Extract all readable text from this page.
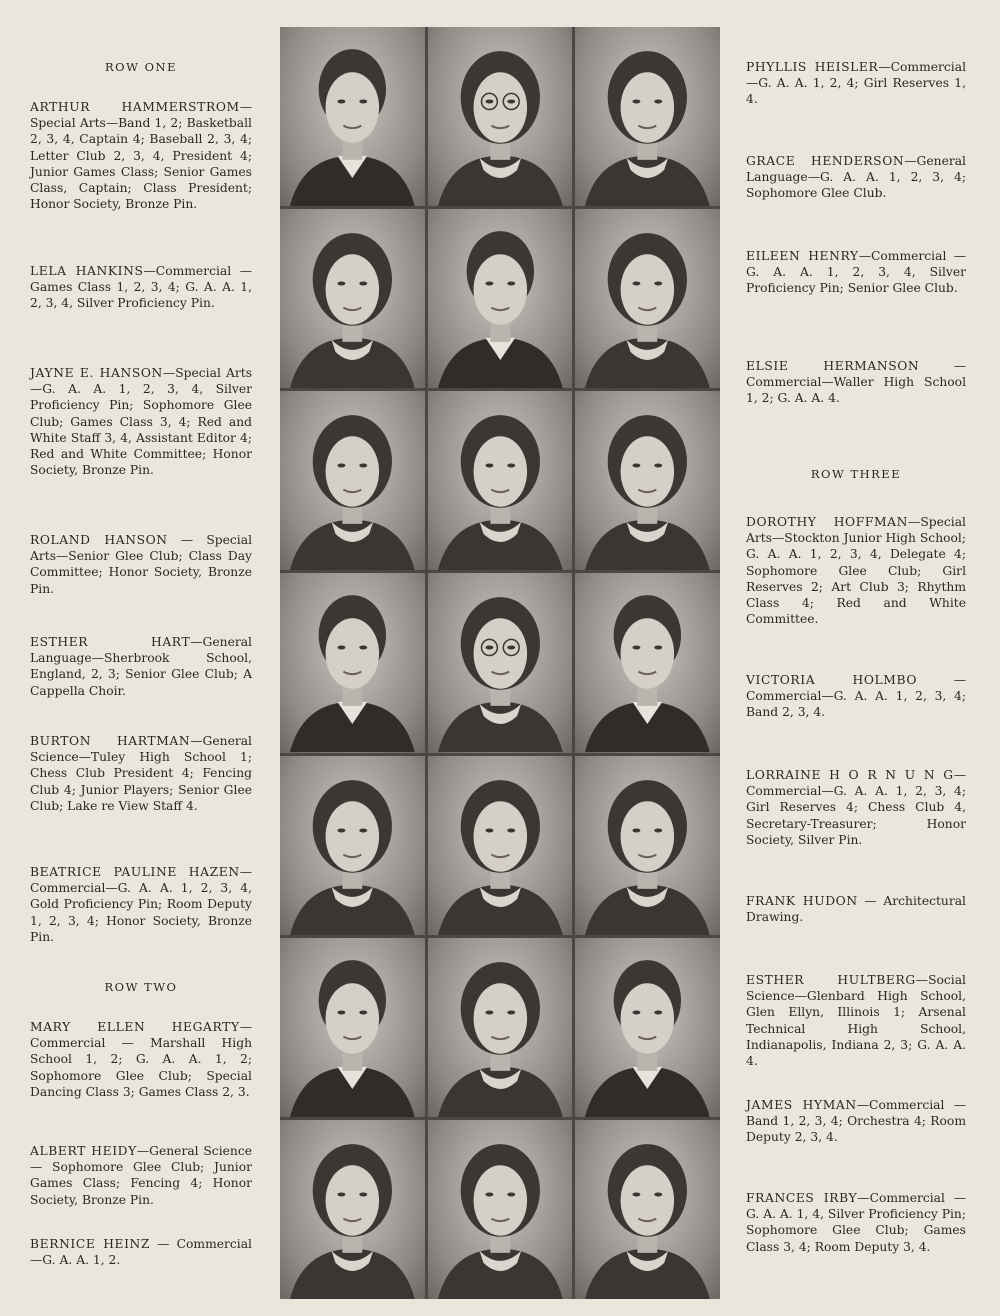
ROW ONE
ARTHUR HAMMERSTROM—Special Arts—Band 1, 2; Basketball 2, 3, 4, Captain 4; Baseball 2, 3, 4; Letter Club 2, 3, 4, President 4; Junior Games Class; Senior Games Class, Captain; Class President; Honor Society, Bronze Pin.
LELA HANKINS—Commercial —Games Class 1, 2, 3, 4; G. A. A. 1, 2, 3, 4, Silver Proficiency Pin.
JAYNE E. HANSON—Special Arts—G. A. A. 1, 2, 3, 4, Silver Proficiency Pin; Sophomore Glee Club; Games Class 3, 4; Red and White Staff 3, 4, Assistant Editor 4; Red and White Committee; Honor Society, Bronze Pin.
ROLAND HANSON — Special Arts—Senior Glee Club; Class Day Committee; Honor Society, Bronze Pin.
ESTHER HART—General Language—Sherbrook School, England, 2, 3; Senior Glee Club; A Cappella Choir.
BURTON HARTMAN—General Science—Tuley High School 1; Chess Club President 4; Fencing Club 4; Junior Players; Senior Glee Club; Lake re View Staff 4.
BEATRICE PAULINE HAZEN—Commercial—G. A. A. 1, 2, 3, 4, Gold Proficiency Pin; Room Deputy 1, 2, 3, 4; Honor Society, Bronze Pin.
ROW TWO
MARY ELLEN HEGARTY— Commercial — Marshall High School 1, 2; G. A. A. 1, 2; Sophomore Glee Club; Special Dancing Class 3; Games Class 2, 3.
ALBERT HEIDY—General Science — Sophomore Glee Club; Junior Games Class; Fencing 4; Honor Society, Bronze Pin.
BERNICE HEINZ — Commercial—G. A. A. 1, 2.
PHYLLIS HEISLER—Commercial—G. A. A. 1, 2, 4; Girl Reserves 1, 4.
GRACE HENDERSON—General Language—G. A. A. 1, 2, 3, 4; Sophomore Glee Club.
EILEEN HENRY—Commercial —G. A. A. 1, 2, 3, 4, Silver Proficiency Pin; Senior Glee Club.
ELSIE HERMANSON — Commercial—Waller High School 1, 2; G. A. A. 4.
ROW THREE
DOROTHY HOFFMAN—Special Arts—Stockton Junior High School; G. A. A. 1, 2, 3, 4, Delegate 4; Sophomore Glee Club; Girl Reserves 2; Art Club 3; Rhythm Class 4; Red and White Committee.
VICTORIA HOLMBO — Commercial—G. A. A. 1, 2, 3, 4; Band 2, 3, 4.
LORRAINE H O R N U N G— Commercial—G. A. A. 1, 2, 3, 4; Girl Reserves 4; Chess Club 4, Secretary-Treasurer; Honor Society, Silver Pin.
FRANK HUDON — Architectural Drawing.
ESTHER HULTBERG—Social Science—Glenbard High School, Glen Ellyn, Illinois 1; Arsenal Technical High School, Indianapolis, Indiana 2, 3; G. A. A. 4.
JAMES HYMAN—Commercial —Band 1, 2, 3, 4; Orchestra 4; Room Deputy 2, 3, 4.
FRANCES IRBY—Commercial —G. A. A. 1, 4, Silver Proficiency Pin; Sophomore Glee Club; Games Class 3, 4; Room Deputy 3, 4.
